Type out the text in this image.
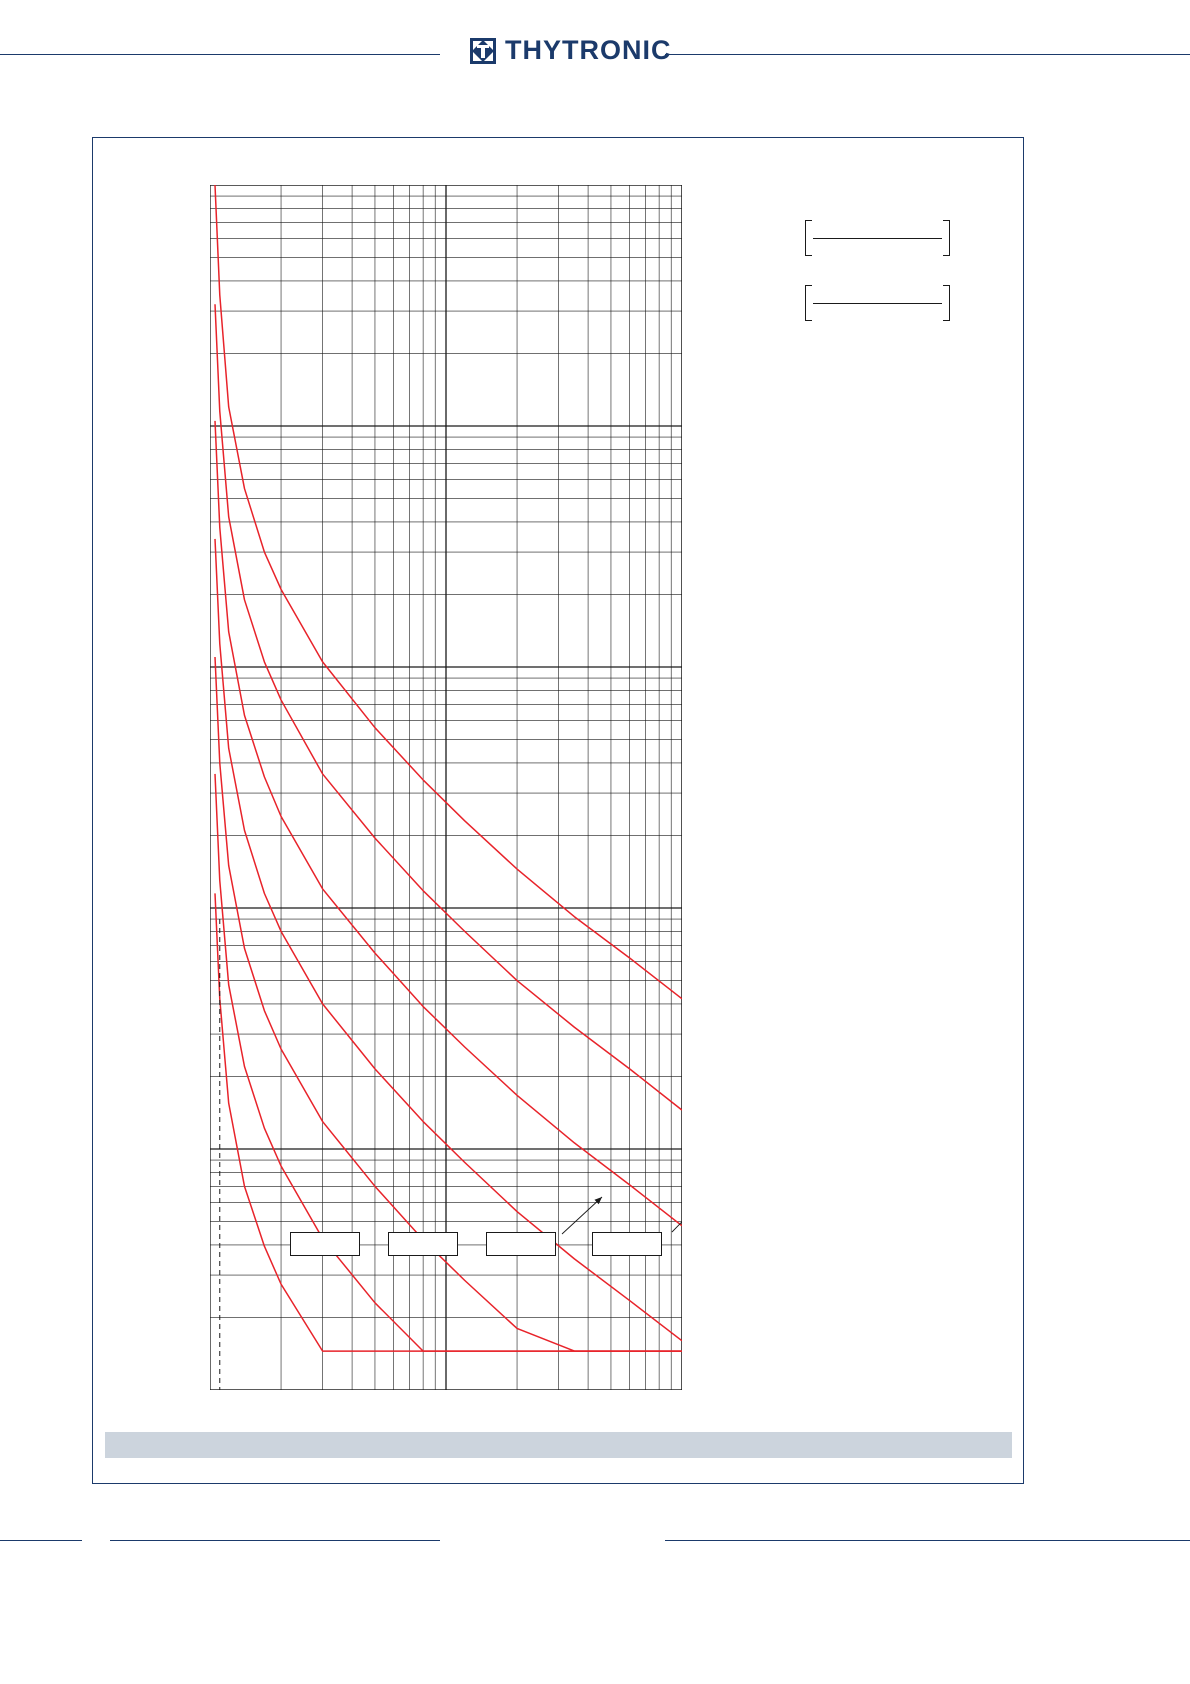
THYTRONIC
